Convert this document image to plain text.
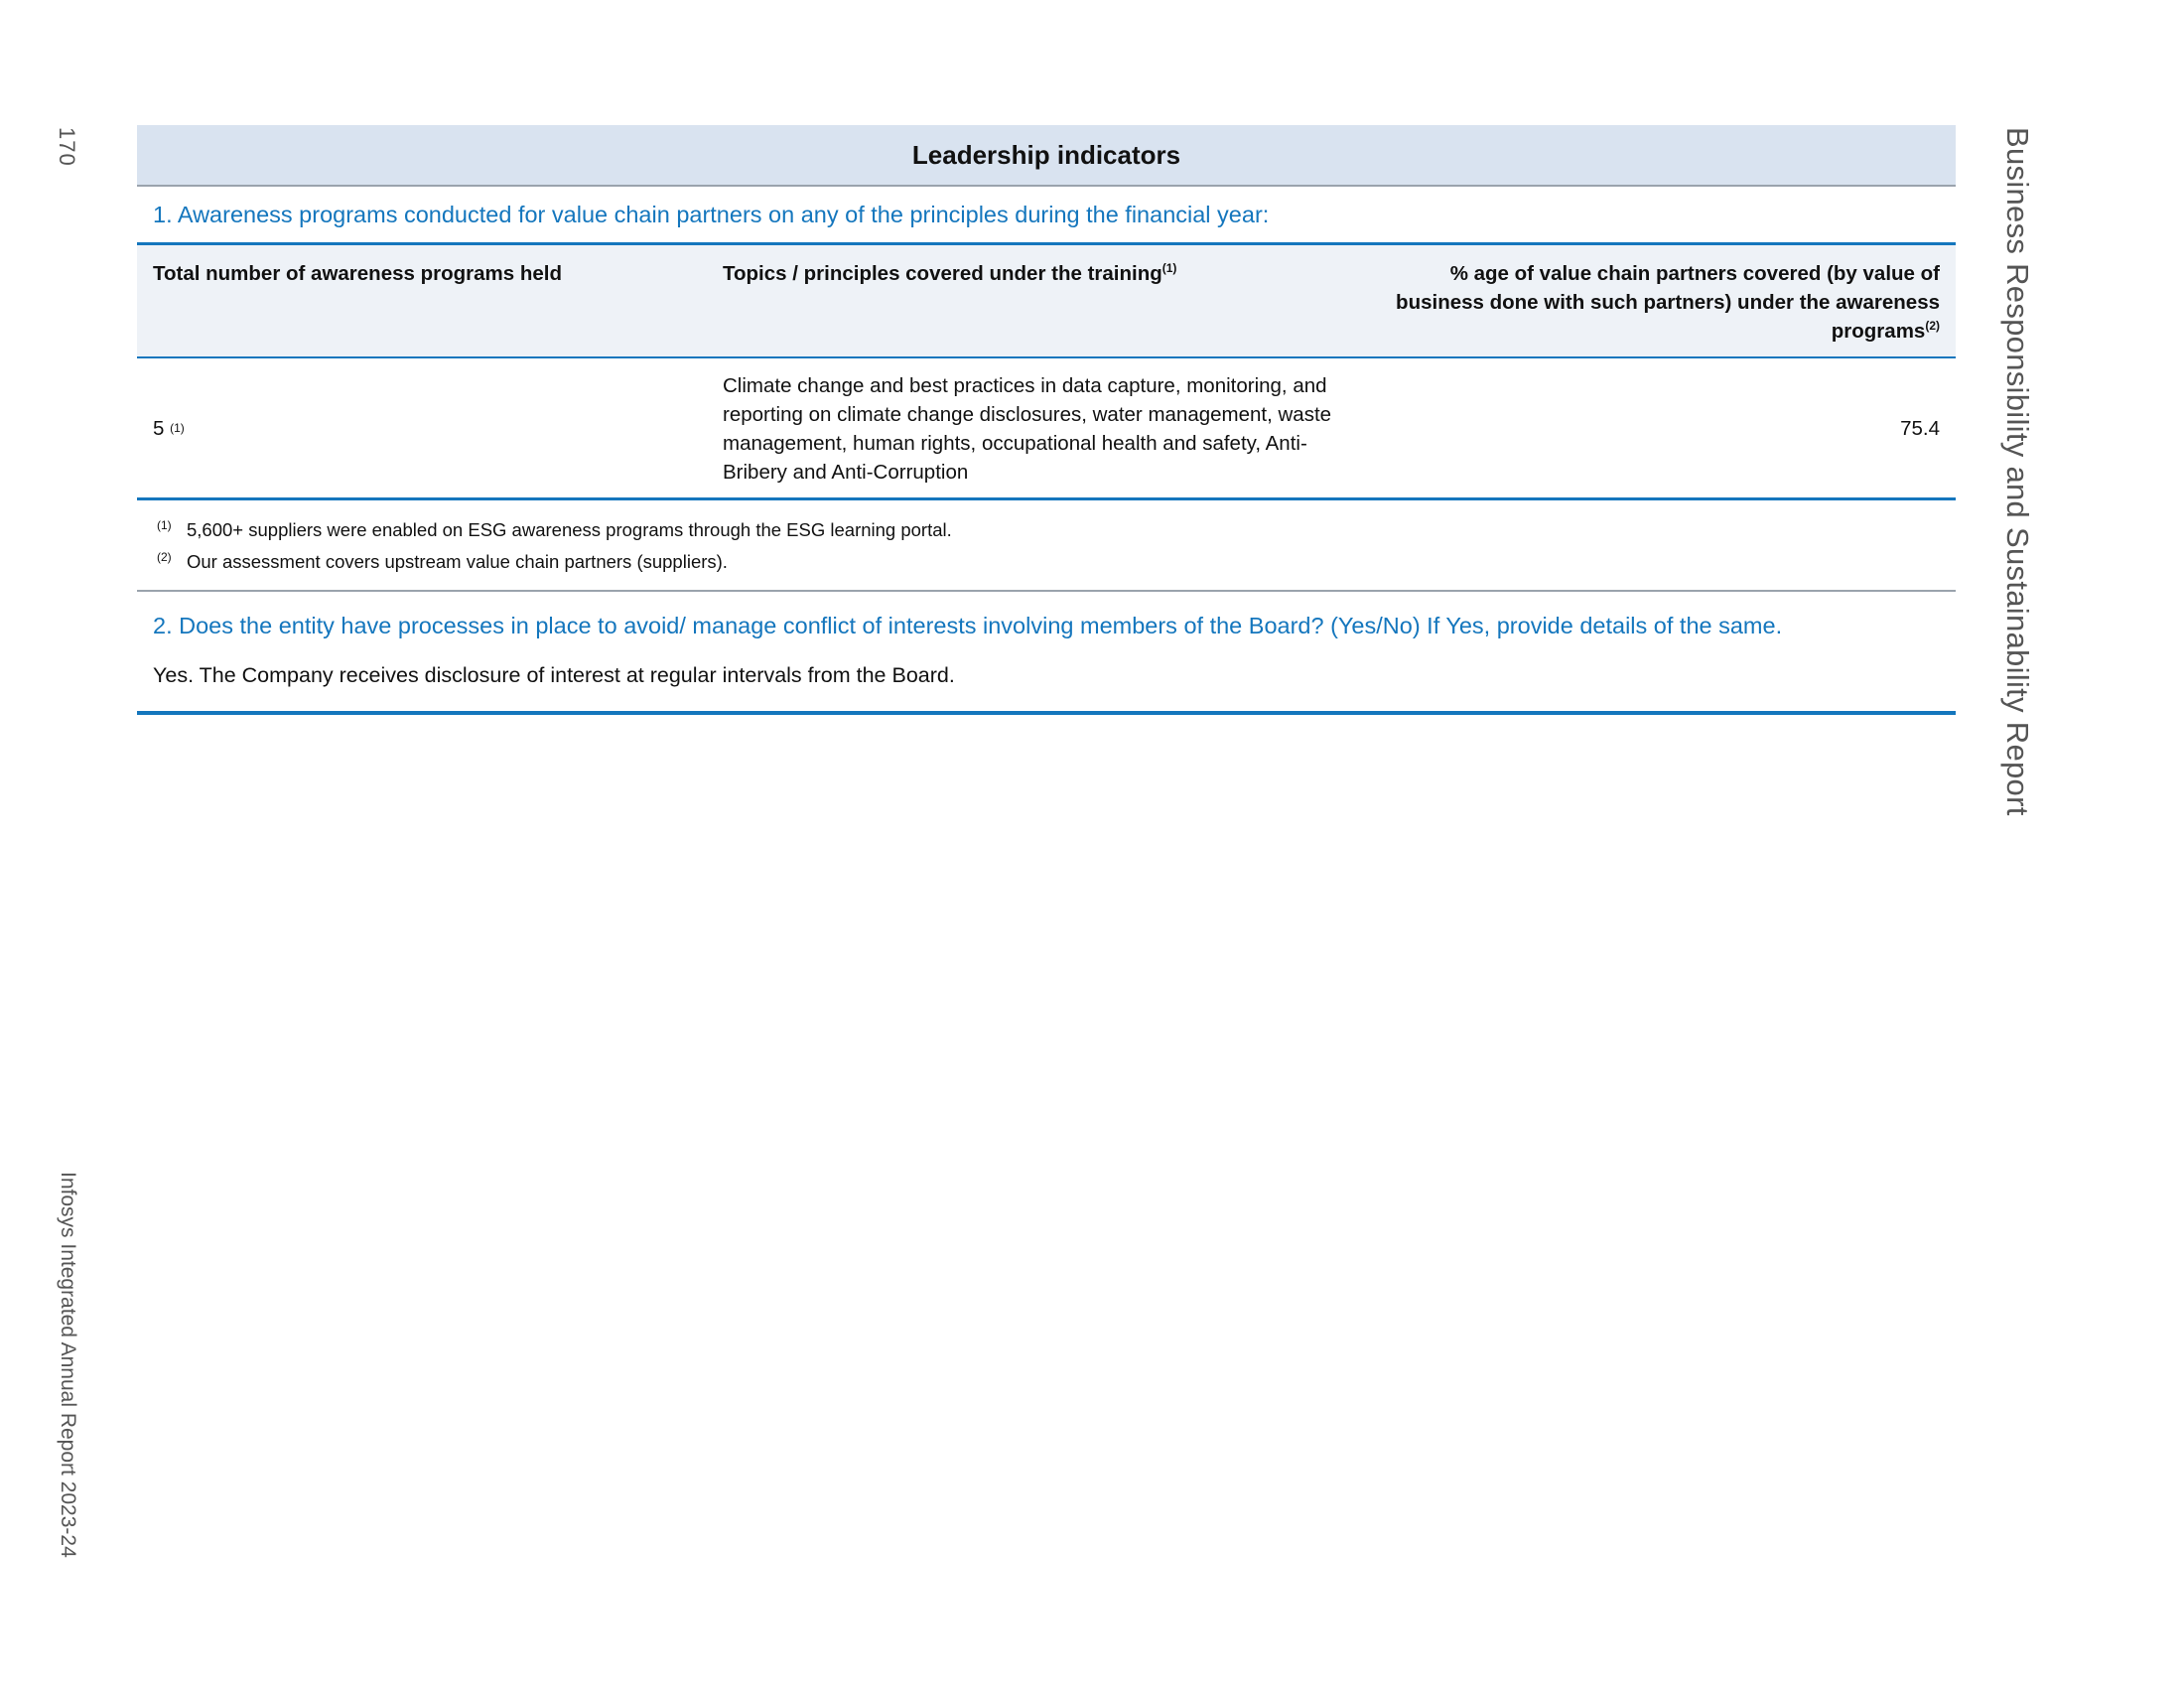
170
Infosys Integrated Annual Report 2023-24
Business Responsibility and Sustainability Report
Leadership indicators
1. Awareness programs conducted for value chain partners on any of the principles during the financial year:
Total number of awareness programs held	Topics / principles covered under the training$^{(1)}$	% age of value chain partners covered (by value of business done with such partners) under the awareness programs$^{(2)}$
5
(1)
Climate change and best practices in data capture, monitoring, and reporting on climate change disclosures, water management, waste management, human rights, occupational health and safety, Anti-Bribery and Anti-Corruption
75.4
(1) 5,600+ suppliers were enabled on ESG awareness programs through the ESG learning portal.
(2) Our assessment covers upstream value chain partners (suppliers).
2. Does the entity have processes in place to avoid/ manage conflict of interests involving members of the Board? (Yes/No) If Yes, provide details of the same.
Yes. The Company receives disclosure of interest at regular intervals from the Board.
